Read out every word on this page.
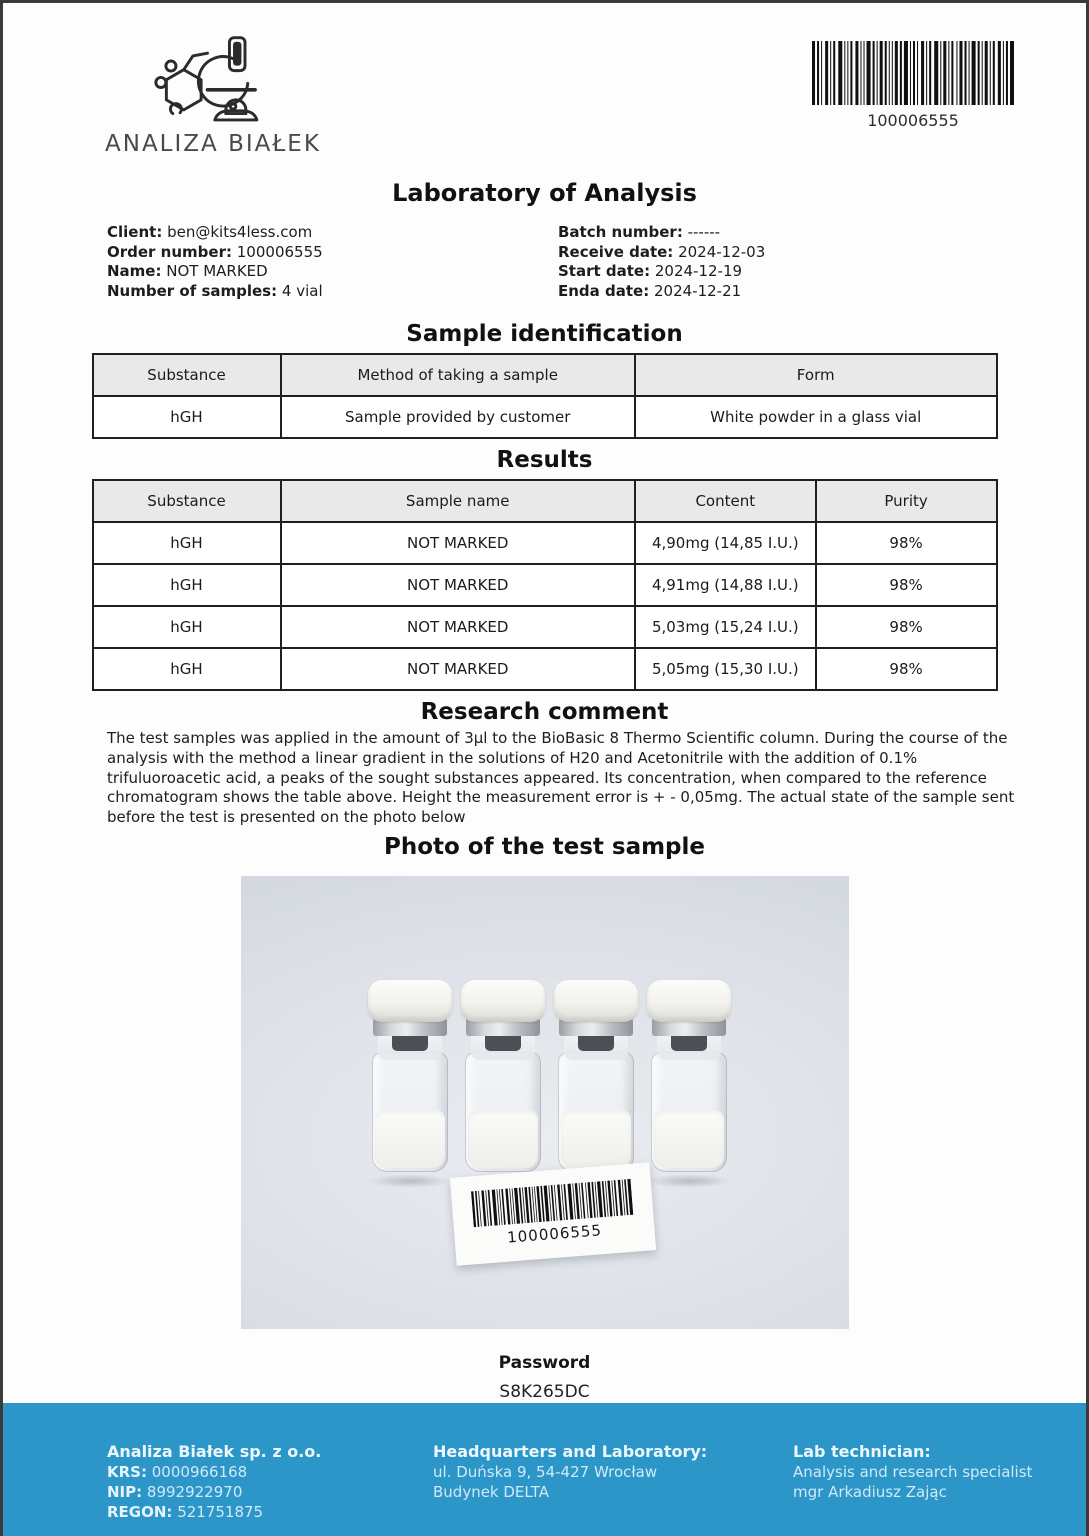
ANALIZA BIAŁEK
100006555
Laboratory of Analysis
Client: ben@kits4less.com
Order number: 100006555
Name: NOT MARKED
Number of samples: 4 vial
Batch number: ------
Receive date: 2024-12-03
Start date: 2024-12-19
Enda date: 2024-12-21
Sample identification
Substance	Method of taking a sample	Form
hGH	Sample provided by customer	White powder in a glass vial
Results
Substance	Sample name	Content	Purity
hGH	NOT MARKED	4,90mg (14,85 I.U.)	98%
hGH	NOT MARKED	4,91mg (14,88 I.U.)	98%
hGH	NOT MARKED	5,03mg (15,24 I.U.)	98%
hGH	NOT MARKED	5,05mg (15,30 I.U.)	98%
Research comment

The test samples was applied in the amount of 3µl to the BioBasic 8 Thermo Scientific column. During the course of the analysis with the method a linear gradient in the solutions of H20 and Acetonitrile with the addition of 0.1% trifuluoroacetic acid, a peaks of the sought substances appeared. Its concentration, when compared to the reference chromatogram shows the table above. Height the measurement error is + - 0,05mg. The actual state of the sample sent before the test is presented on the photo below

Photo of the test sample
100006555
Password
S8K265DC
Analiza Białek sp. z o.o.
KRS: 0000966168
NIP: 8992922970
REGON: 521751875
Headquarters and Laboratory:
ul. Duńska 9, 54-427 Wrocław
Budynek DELTA
Lab technician:
Analysis and research specialist
mgr Arkadiusz Zając
